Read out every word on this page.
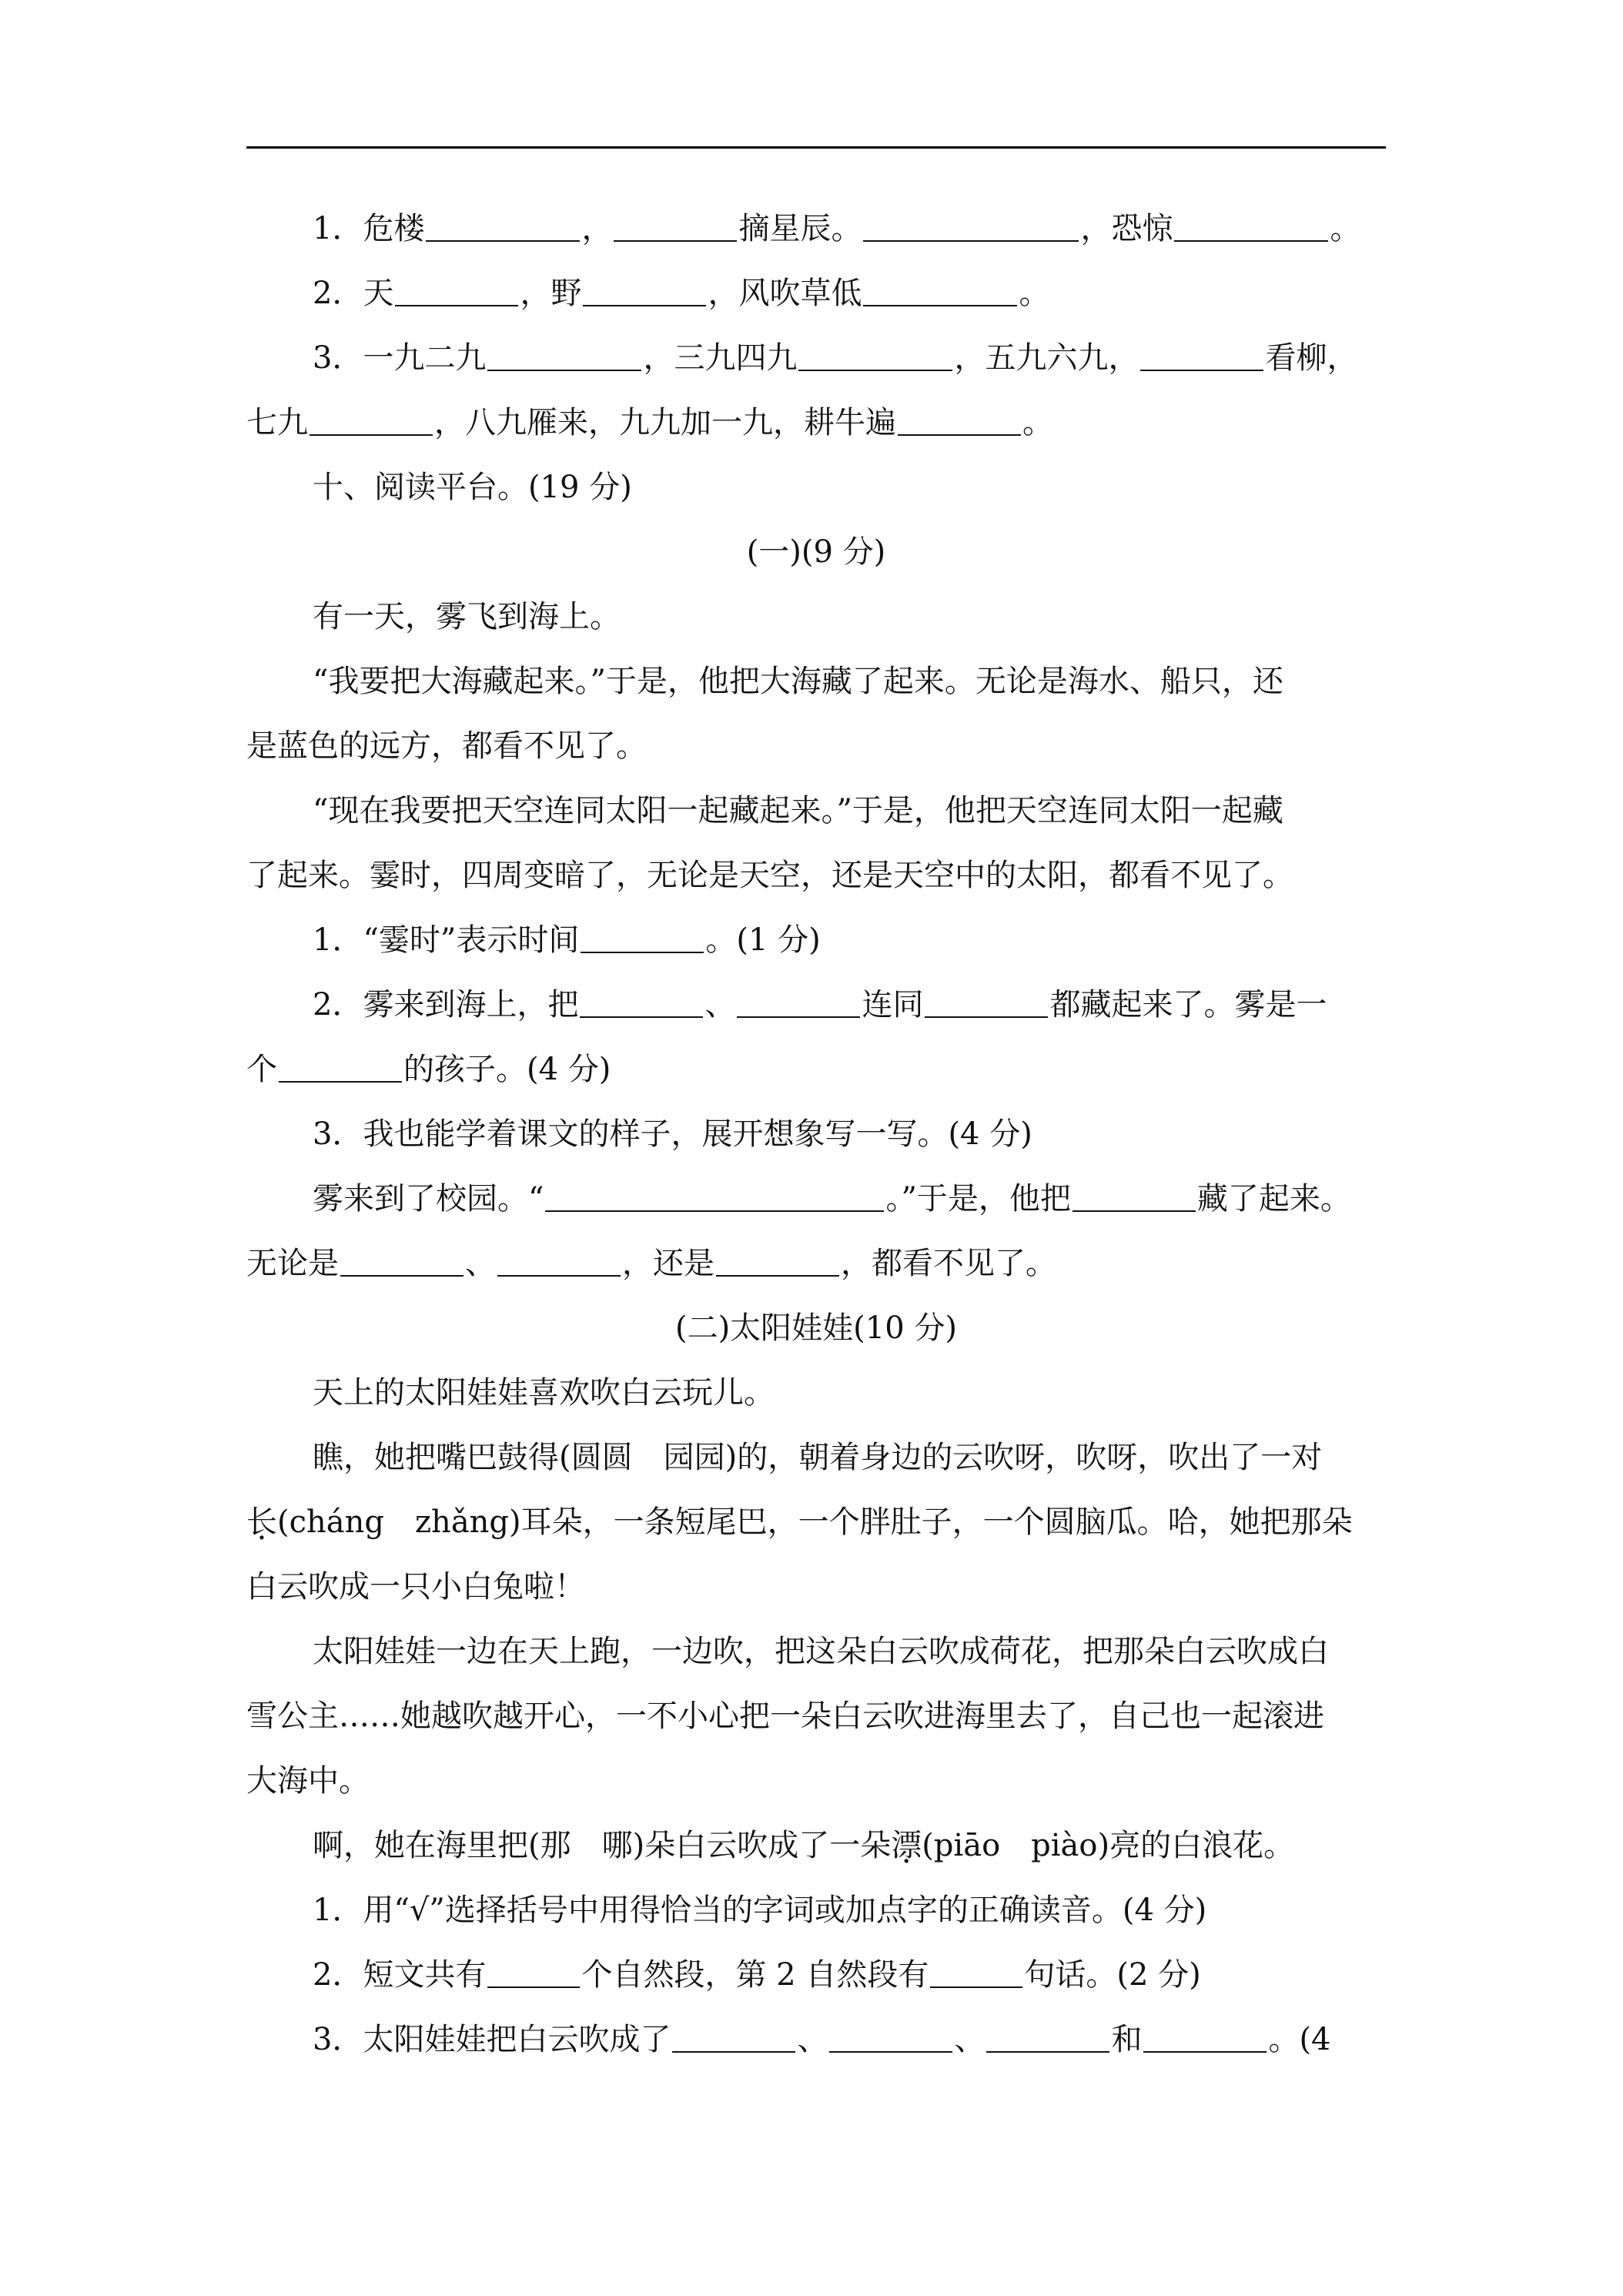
1．危楼	，	摘星辰。	，恐惊	。

2．天	，野	，风吹草低	。

3．一九二九	，三九四九	，五九六九，	看柳，

七九	，八九雁来，九九加一九，耕牛遍	。

十、阅读平台。(19 分)

(一)(9 分)

有一天，雾飞到海上。

“我要把大海藏起来。”于是，他把大海藏了起来。无论是海水、船只，还

是蓝色的远方，都看不见了。

“现在我要把天空连同太阳一起藏起来。”于是，他把天空连同太阳一起藏

了起来。霎时，四周变暗了，无论是天空，还是天空中的太阳，都看不见了。

1．“霎时”表示时间	。(1 分)

2．雾来到海上，把	、	连同	都藏起来了。雾是一

个	的孩子。(4 分)

3．我也能学着课文的样子，展开想象写一写。(4 分)

雾来到了校园。“	。”于是，他把	藏了起来。

无论是	、	，还是	，都看不见了。

(二)太阳娃娃(10 分)

天上的太阳娃娃喜欢吹白云玩儿。

瞧，她把嘴巴鼓得(圆圆 园园)的，朝着身边的云吹呀，吹呀，吹出了一对

长(cháng zhǎng)耳朵，一条短尾巴，一个胖肚子，一个圆脑瓜。哈，她把那朵

白云吹成一只小白兔啦！

太阳娃娃一边在天上跑，一边吹，把这朵白云吹成荷花，把那朵白云吹成白

雪公主……她越吹越开心，一不小心把一朵白云吹进海里去了，自己也一起滚进

大海中。

啊，她在海里把(那 哪)朵白云吹成了一朵漂(piāo piào)亮的白浪花。

1．用“√”选择括号中用得恰当的字词或加点字的正确读音。(4 分)

2．短文共有	个自然段，第 2 自然段有	句话。(2 分)

3．太阳娃娃把白云吹成了	、	、	和	。(4
